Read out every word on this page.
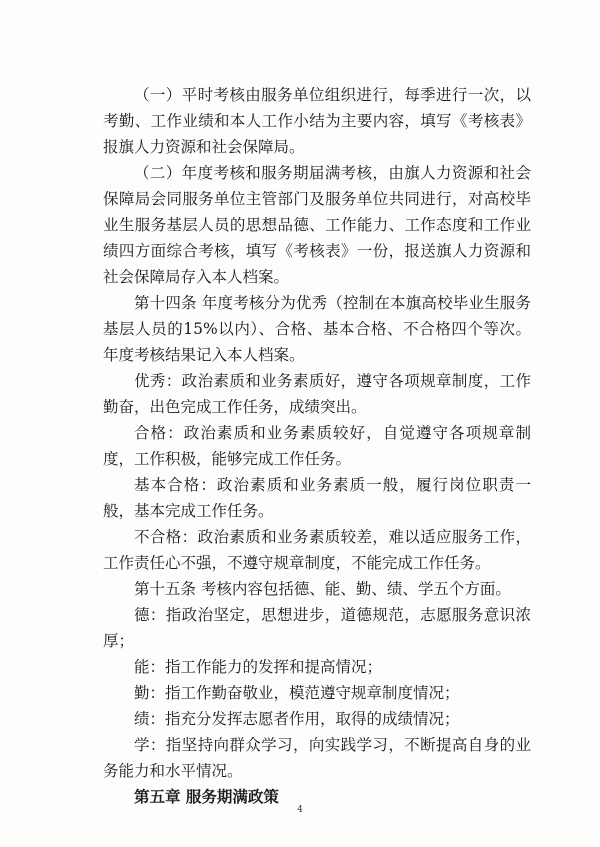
（一）平时考核由服务单位组织进行，每季进行一次，以考勤、工作业绩和本人工作小结为主要内容，填写《考核表》报旗人力资源和社会保障局。

（二）年度考核和服务期届满考核，由旗人力资源和社会保障局会同服务单位主管部门及服务单位共同进行，对高校毕业生服务基层人员的思想品德、工作能力、工作态度和工作业绩四方面综合考核，填写《考核表》一份，报送旗人力资源和社会保障局存入本人档案。

第十四条 年度考核分为优秀（控制在本旗高校毕业生服务基层人员的15%以内）、合格、基本合格、不合格四个等次。年度考核结果记入本人档案。

优秀：政治素质和业务素质好，遵守各项规章制度，工作勤奋，出色完成工作任务，成绩突出。

合格：政治素质和业务素质较好，自觉遵守各项规章制度，工作积极，能够完成工作任务。

基本合格：政治素质和业务素质一般，履行岗位职责一般，基本完成工作任务。

不合格：政治素质和业务素质较差，难以适应服务工作，工作责任心不强，不遵守规章制度，不能完成工作任务。

第十五条 考核内容包括德、能、勤、绩、学五个方面。

德：指政治坚定，思想进步，道德规范，志愿服务意识浓厚；

能：指工作能力的发挥和提高情况；

勤：指工作勤奋敬业，模范遵守规章制度情况；

绩：指充分发挥志愿者作用，取得的成绩情况；

学：指坚持向群众学习，向实践学习，不断提高自身的业务能力和水平情况。

第五章 服务期满政策

4
